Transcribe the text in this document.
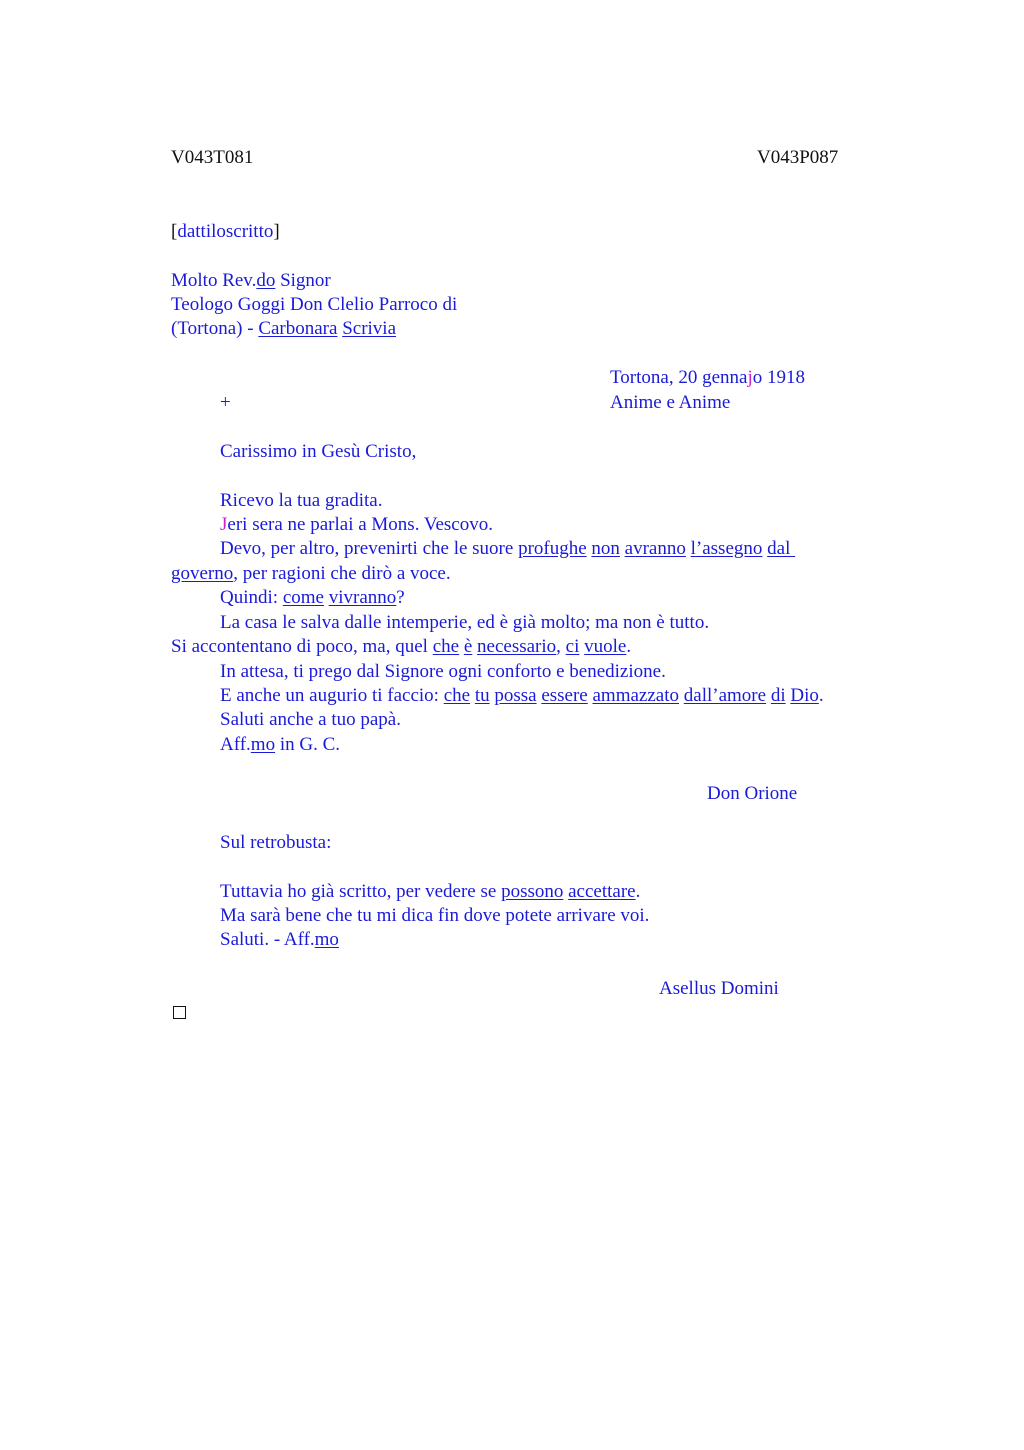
V043T081	V043P087
[dattiloscritto]
Molto Rev.do Signor
Teologo Goggi Don Clelio Parroco di
(Tortona) - Carbonara Scrivia
Tortona, 20 gennajo 1918
+	Anime e Anime
Carissimo in Gesù Cristo,
Ricevo la tua gradita.
Jeri sera ne parlai a Mons. Vescovo.
Devo, per altro, prevenirti che le suore profughe non avranno l’assegno dal
governo, per ragioni che dirò a voce.
Quindi: come vivranno?
La casa le salva dalle intemperie, ed è già molto; ma non è tutto.
Si accontentano di poco, ma, quel che è necessario, ci vuole.
In attesa, ti prego dal Signore ogni conforto e benedizione.
E anche un augurio ti faccio: che tu possa essere ammazzato dall’amore di Dio.
Saluti anche a tuo papà.
Aff.mo in G. C.
Don Orione
Sul retrobusta:
Tuttavia ho già scritto, per vedere se possono accettare.
Ma sarà bene che tu mi dica fin dove potete arrivare voi.
Saluti. - Aff.mo
Asellus Domini
